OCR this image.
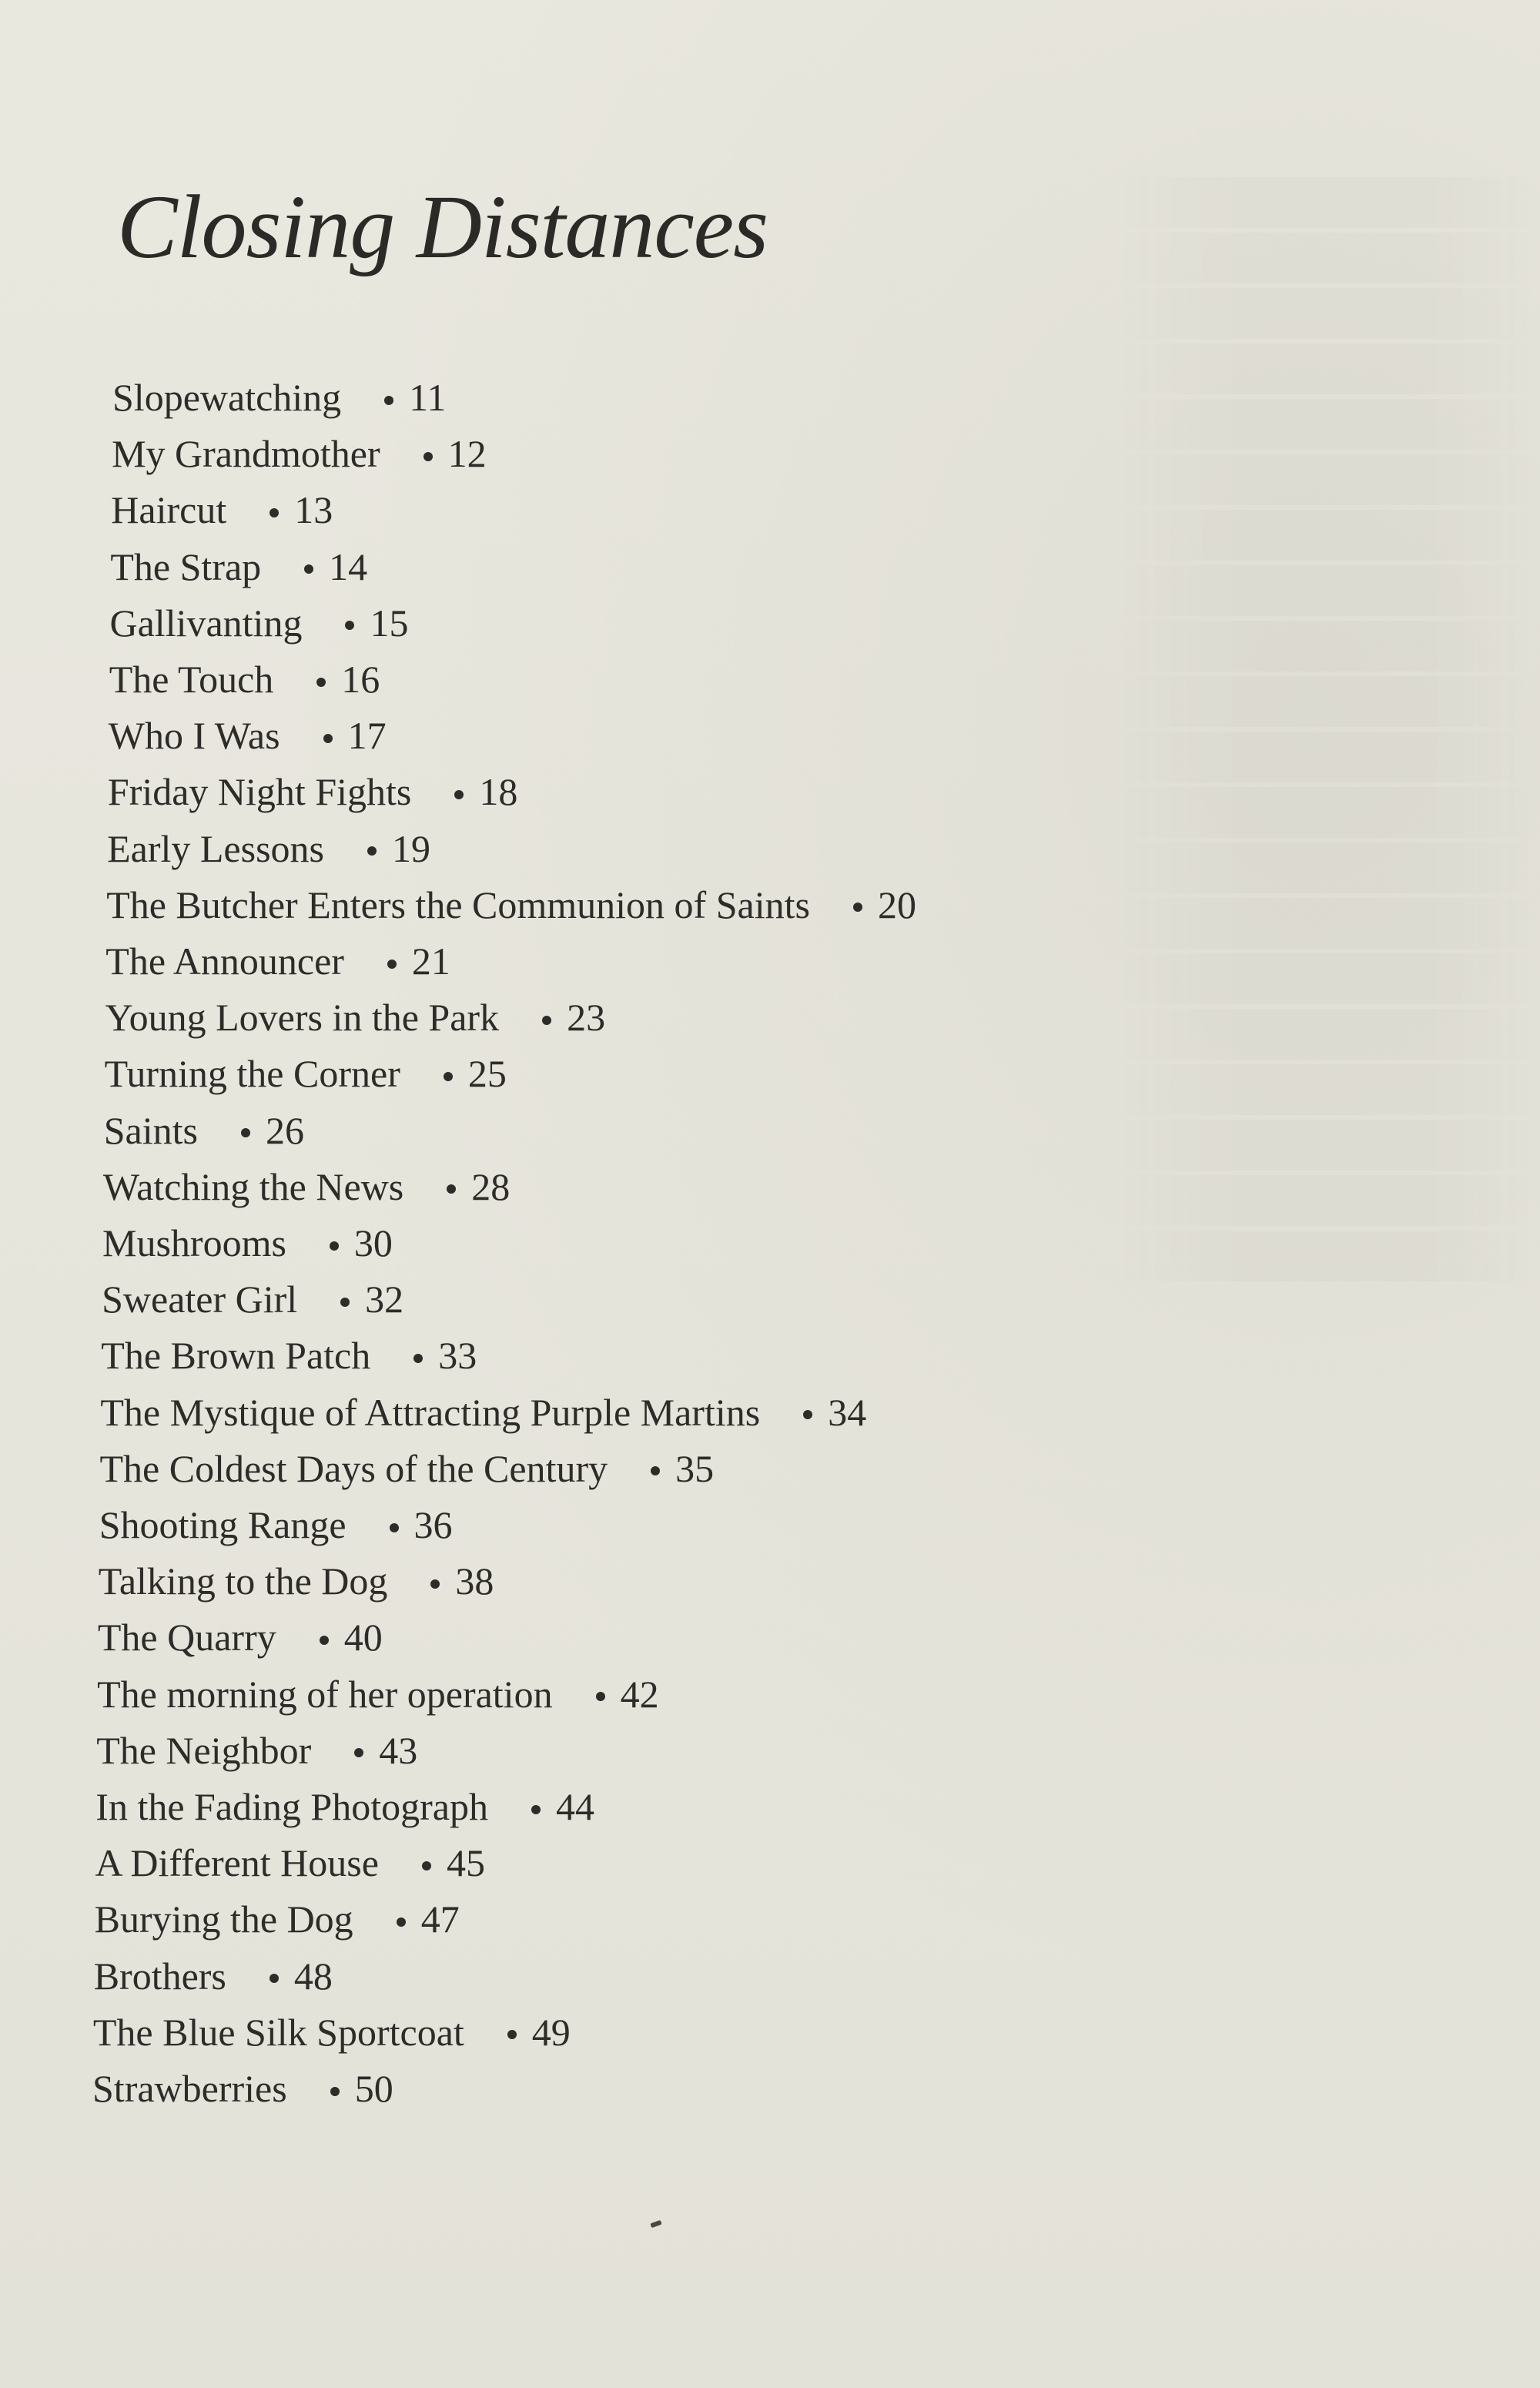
Closing Distances
Slopewatching 11
My Grandmother 12
Haircut 13
The Strap 14
Gallivanting 15
The Touch 16
Who I Was 17
Friday Night Fights 18
Early Lessons 19
The Butcher Enters the Communion of Saints 20
The Announcer 21
Young Lovers in the Park 23
Turning the Corner 25
Saints 26
Watching the News 28
Mushrooms 30
Sweater Girl 32
The Brown Patch 33
The Mystique of Attracting Purple Martins 34
The Coldest Days of the Century 35
Shooting Range 36
Talking to the Dog 38
The Quarry 40
The morning of her operation 42
The Neighbor 43
In the Fading Photograph 44
A Different House 45
Burying the Dog 47
Brothers 48
The Blue Silk Sportcoat 49
Strawberries 50
